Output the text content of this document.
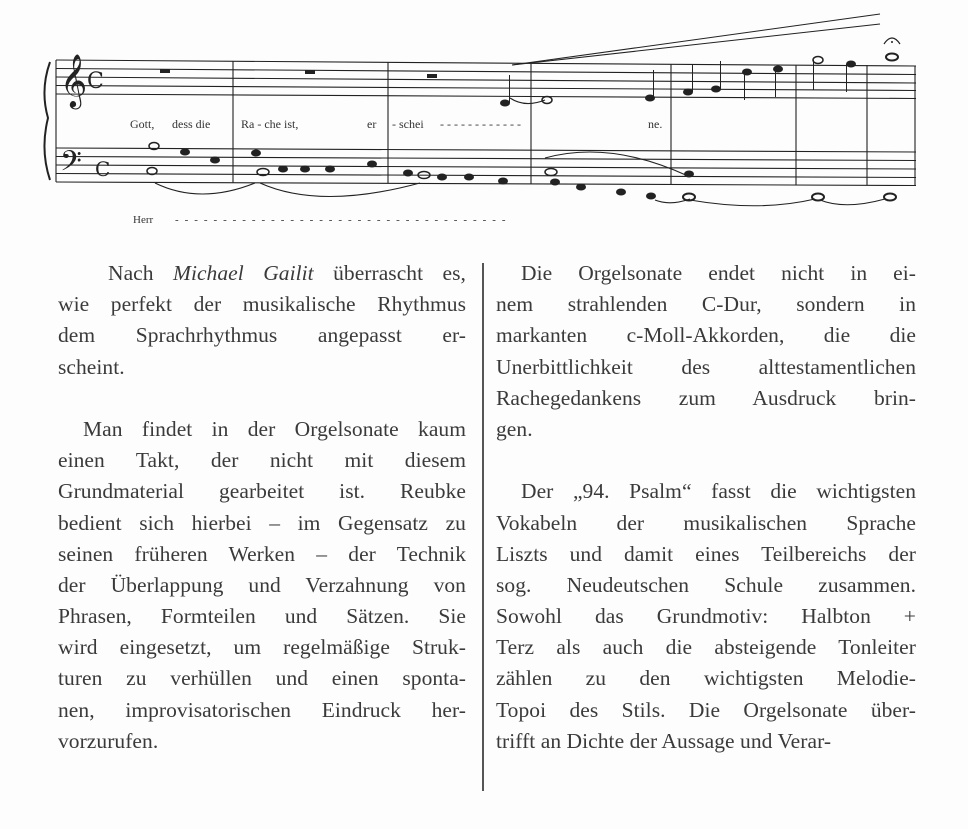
𝄞 C
𝄢 C
Gott, dess die	Ra - che ist,	er - schei - - - - - - - - - - - -	ne.
Herr - - - - - - - - - - - - - - - - - - - - - - - - - - - - - - - - - - -

Nach Michael Gailit überrascht es,

wie perfekt der musikalische Rhythmus
dem Sprachrhythmus angepasst er-
scheint.
Man findet in der Orgelsonate kaum
einen Takt, der nicht mit diesem
Grundmaterial gearbeitet ist. Reubke
bedient sich hierbei – im Gegensatz zu
seinen früheren Werken – der Technik
der Überlappung und Verzahnung von
Phrasen, Formteilen und Sätzen. Sie
wird eingesetzt, um regelmäßige Struk-
turen zu verhüllen und einen sponta-
nen, improvisatorischen Eindruck her-
vorzurufen.
Die Orgelsonate endet nicht in ei-
nem strahlenden C-Dur, sondern in
markanten c-Moll-Akkorden, die die
Unerbittlichkeit des alttestamentlichen
Rachegedankens zum Ausdruck brin-
gen.
Der „94. Psalm“ fasst die wichtigsten
Vokabeln der musikalischen Sprache
Liszts und damit eines Teilbereichs der
sog. Neudeutschen Schule zusammen.
Sowohl das Grundmotiv: Halbton +
Terz als auch die absteigende Tonleiter
zählen zu den wichtigsten Melodie-
Topoi des Stils. Die Orgelsonate über-
trifft an Dichte der Aussage und Verar-
